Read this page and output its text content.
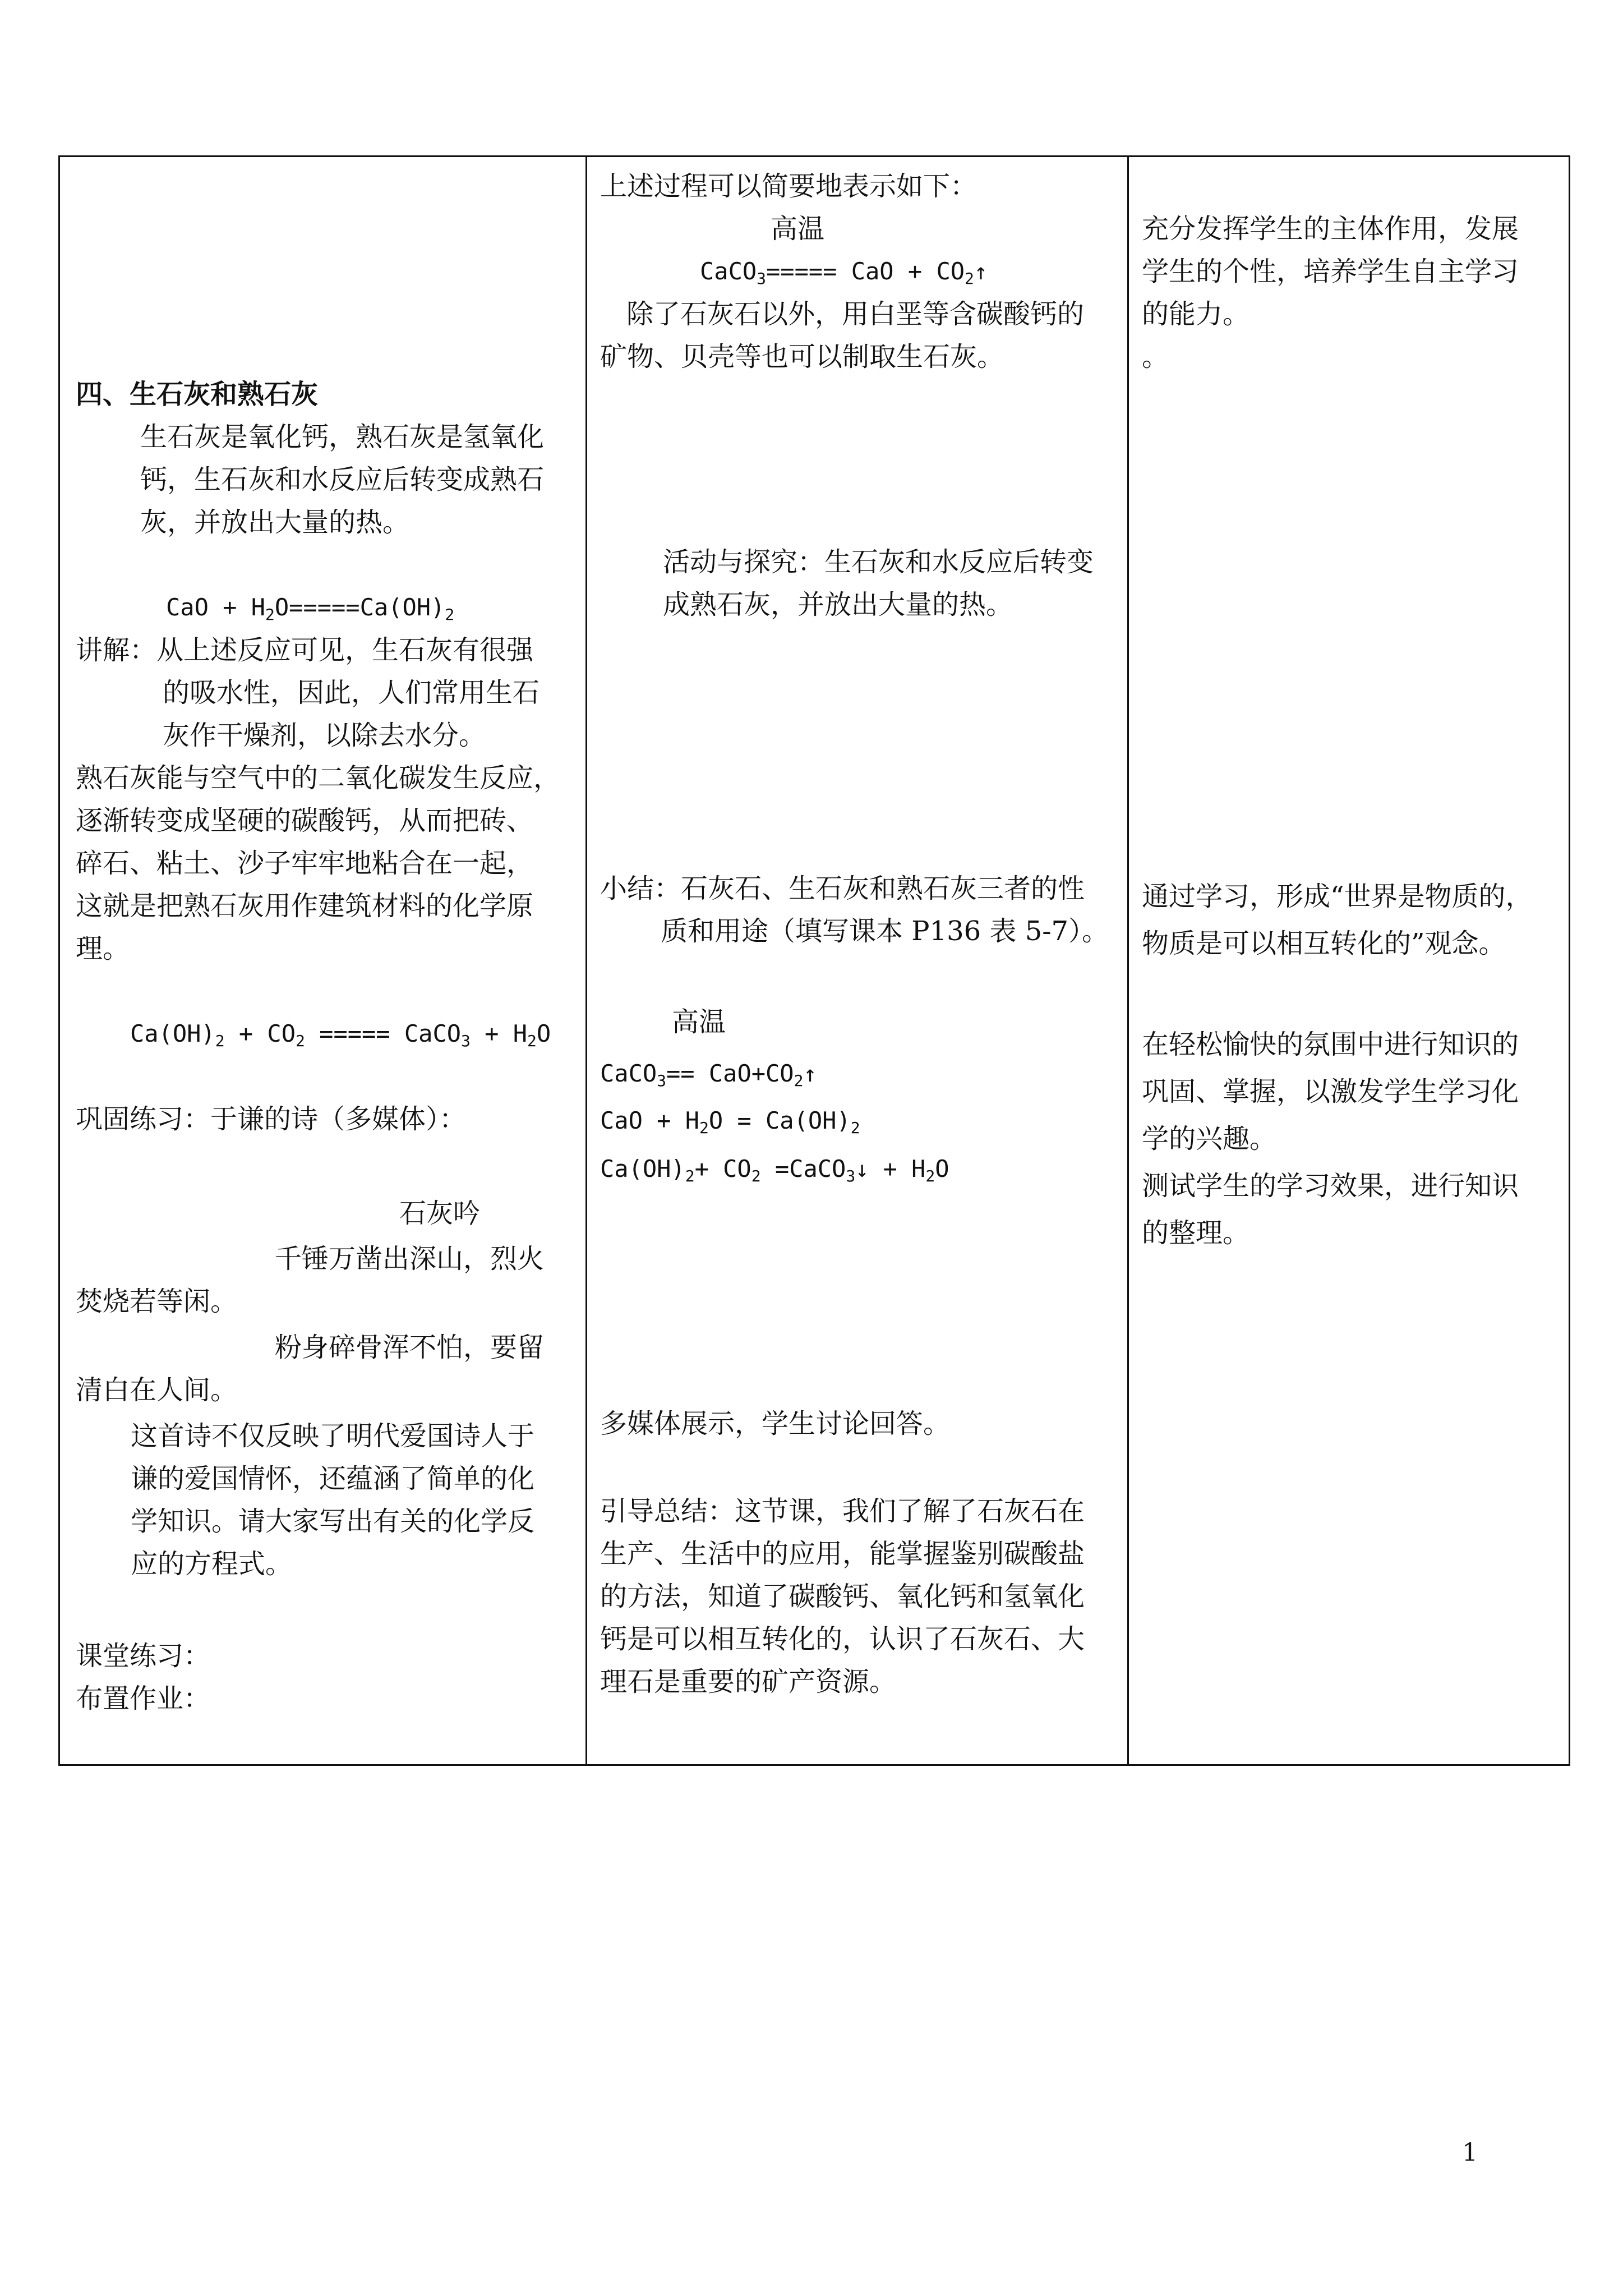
四、生石灰和熟石灰
生石灰是氧化钙，熟石灰是氢氧化
钙，生石灰和水反应后转变成熟石
灰，并放出大量的热。
CaO + $H_2O=====Ca(OH)_2$
讲解：从上述反应可见，生石灰有很强
的吸水性，因此，人们常用生石
灰作干燥剂，以除去水分。
熟石灰能与空气中的二氧化碳发生反应，
逐渐转变成坚硬的碳酸钙，从而把砖、
碎石、粘土、沙子牢牢地粘合在一起，
这就是把熟石灰用作建筑材料的化学原
理。
$Ca(OH)_2 + CO_2$ ===== CaCO$_3$ + $H_2O$
巩固练习：于谦的诗（多媒体）：
石灰吟
千锤万凿出深山，烈火
焚烧若等闲。
粉身碎骨浑不怕，要留
清白在人间。
这首诗不仅反映了明代爱国诗人于
谦的爱国情怀，还蕴涵了简单的化
学知识。请大家写出有关的化学反
应的方程式。
课堂练习：
布置作业：
上述过程可以简要地表示如下：
高温
CaCO$_3$===== CaO + $CO_2↑$
除了石灰石以外，用白垩等含碳酸钙的
矿物、贝壳等也可以制取生石灰。
活动与探究：生石灰和水反应后转变
成熟石灰，并放出大量的热。
小结：石灰石、生石灰和熟石灰三者的性
质和用途（填写课本 P136 表 5-7）。
高温
CaCO$_3$== $CaO+CO_2↑$
CaO + $H_2O = Ca(OH)_2$
$Ca(OH)_2+ CO_2$ =CaCO$_3$↓ + $H_2O$
多媒体展示，学生讨论回答。
引导总结：这节课，我们了解了石灰石在
生产、生活中的应用，能掌握鉴别碳酸盐
的方法，知道了碳酸钙、氧化钙和氢氧化
钙是可以相互转化的，认识了石灰石、大
理石是重要的矿产资源。
充分发挥学生的主体作用，发展
学生的个性，培养学生自主学习
的能力。
。
通过学习，形成“世界是物质的，
物质是可以相互转化的”观念。
在轻松愉快的氛围中进行知识的
巩固、掌握，以激发学生学习化
学的兴趣。
测试学生的学习效果，进行知识
的整理。
1
